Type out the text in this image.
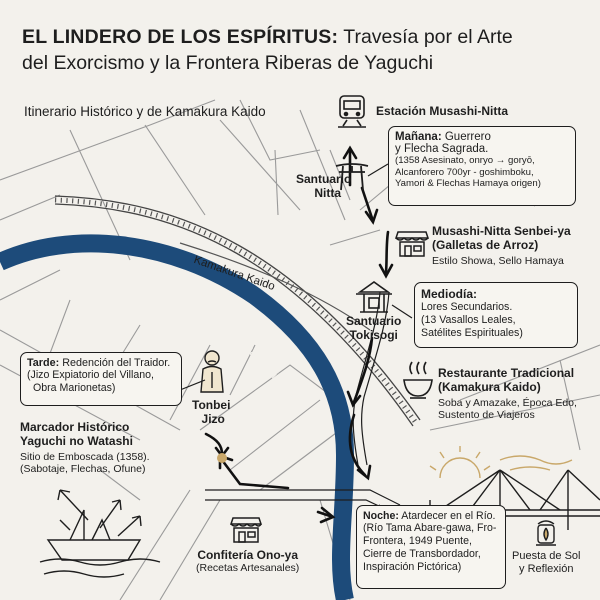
EL LINDERO DE LOS ESPÍRITUS: Travesía por el Arte
del Exorcismo y la Frontera Riberas de Yaguchi
Itinerario Histórico y de Kamakura Kaido	Estación Musashi-Nitta
Santuario
Nitta
Musashi-Nitta Senbei-ya
(Galletas de Arroz)
Estilo Showa, Sello Hamaya
Santuario
Tokisogi
Restaurante Tradicional
(Kamakura Kaido)
Soba y Amazake, Época Edo,
Sustento de Viajeros
Tonbei
Jizo
Marcador Histórico
Yaguchi no Watashi
Sitio de Emboscada (1358).
(Sabotaje, Flechas, Ofune)
Confitería Ono-ya
(Recetas Artesanales)
Puesta de Sol
y Reflexión
Kamakura Kaido
Tamagawa River
Mañana: Guerrero
y Flecha Sagrada.
(1358 Asesinato, onryo → goryō,
Alcanforero 700yr - goshimboku,
Yamori & Flechas Hamaya origen)
Mediodía:
Lores Secundarios.
(13 Vasallos Leales,
Satélites Espirituales)
Tarde: Redención del Traidor.
(Jizo Expiatorio del Villano,
Obra Marionetas)
Noche: Atardecer en el Río.
(Río Tama Abare-gawa, Fro-
Frontera, 1949 Puente,
Cierre de Transbordador,
Inspiración Pictórica)
